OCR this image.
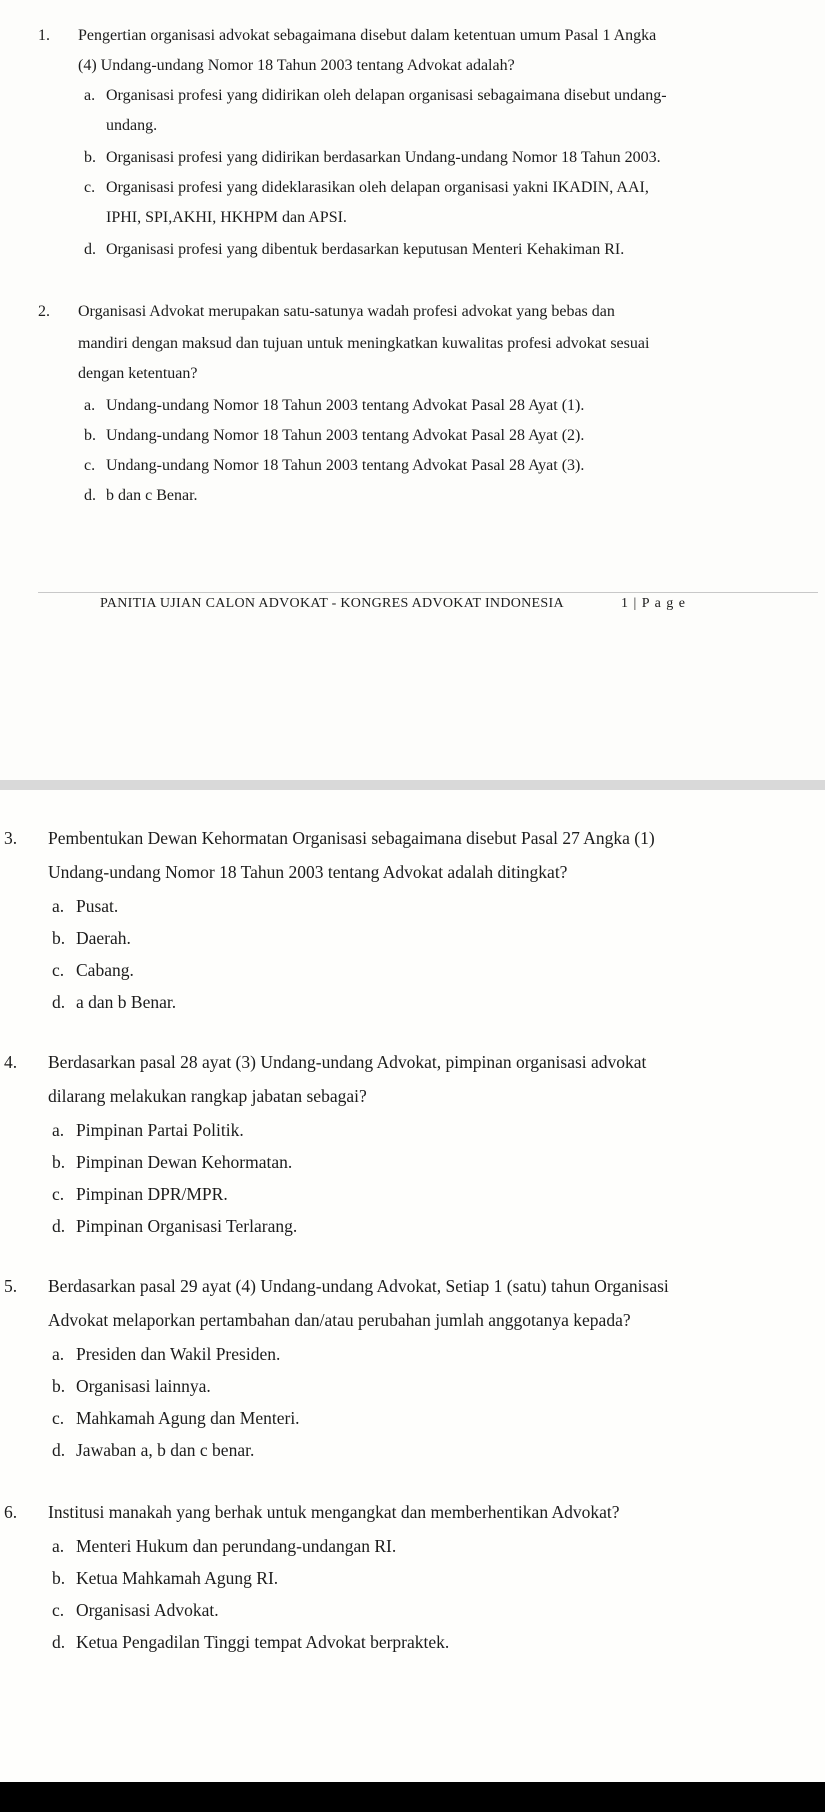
1. Pengertian organisasi advokat sebagaimana disebut dalam ketentuan umum Pasal 1 Angka
(4) Undang-undang Nomor 18 Tahun 2003 tentang Advokat adalah?
a. Organisasi profesi yang didirikan oleh delapan organisasi sebagaimana disebut undang-
undang.
b. Organisasi profesi yang didirikan berdasarkan Undang-undang Nomor 18 Tahun 2003.
c. Organisasi profesi yang dideklarasikan oleh delapan organisasi yakni IKADIN, AAI,
IPHI, SPI,AKHI, HKHPM dan APSI.
d. Organisasi profesi yang dibentuk berdasarkan keputusan Menteri Kehakiman RI.
2. Organisasi Advokat merupakan satu-satunya wadah profesi advokat yang bebas dan
mandiri dengan maksud dan tujuan untuk meningkatkan kuwalitas profesi advokat sesuai
dengan ketentuan?
a. Undang-undang Nomor 18 Tahun 2003 tentang Advokat Pasal 28 Ayat (1).
b. Undang-undang Nomor 18 Tahun 2003 tentang Advokat Pasal 28 Ayat (2).
c. Undang-undang Nomor 18 Tahun 2003 tentang Advokat Pasal 28 Ayat (3).
d. b dan c Benar.
PANITIA UJIAN CALON ADVOKAT - KONGRES ADVOKAT INDONESIA	1 | P a g e
3. Pembentukan Dewan Kehormatan Organisasi sebagaimana disebut Pasal 27 Angka (1)
Undang-undang Nomor 18 Tahun 2003 tentang Advokat adalah ditingkat?
a. Pusat.
b. Daerah.
c. Cabang.
d. a dan b Benar.
4. Berdasarkan pasal 28 ayat (3) Undang-undang Advokat, pimpinan organisasi advokat
dilarang melakukan rangkap jabatan sebagai?
a. Pimpinan Partai Politik.
b. Pimpinan Dewan Kehormatan.
c. Pimpinan DPR/MPR.
d. Pimpinan Organisasi Terlarang.
5. Berdasarkan pasal 29 ayat (4) Undang-undang Advokat, Setiap 1 (satu) tahun Organisasi
Advokat melaporkan pertambahan dan/atau perubahan jumlah anggotanya kepada?
a. Presiden dan Wakil Presiden.
b. Organisasi lainnya.
c. Mahkamah Agung dan Menteri.
d. Jawaban a, b dan c benar.
6. Institusi manakah yang berhak untuk mengangkat dan memberhentikan Advokat?
a. Menteri Hukum dan perundang-undangan RI.
b. Ketua Mahkamah Agung RI.
c. Organisasi Advokat.
d. Ketua Pengadilan Tinggi tempat Advokat berpraktek.
